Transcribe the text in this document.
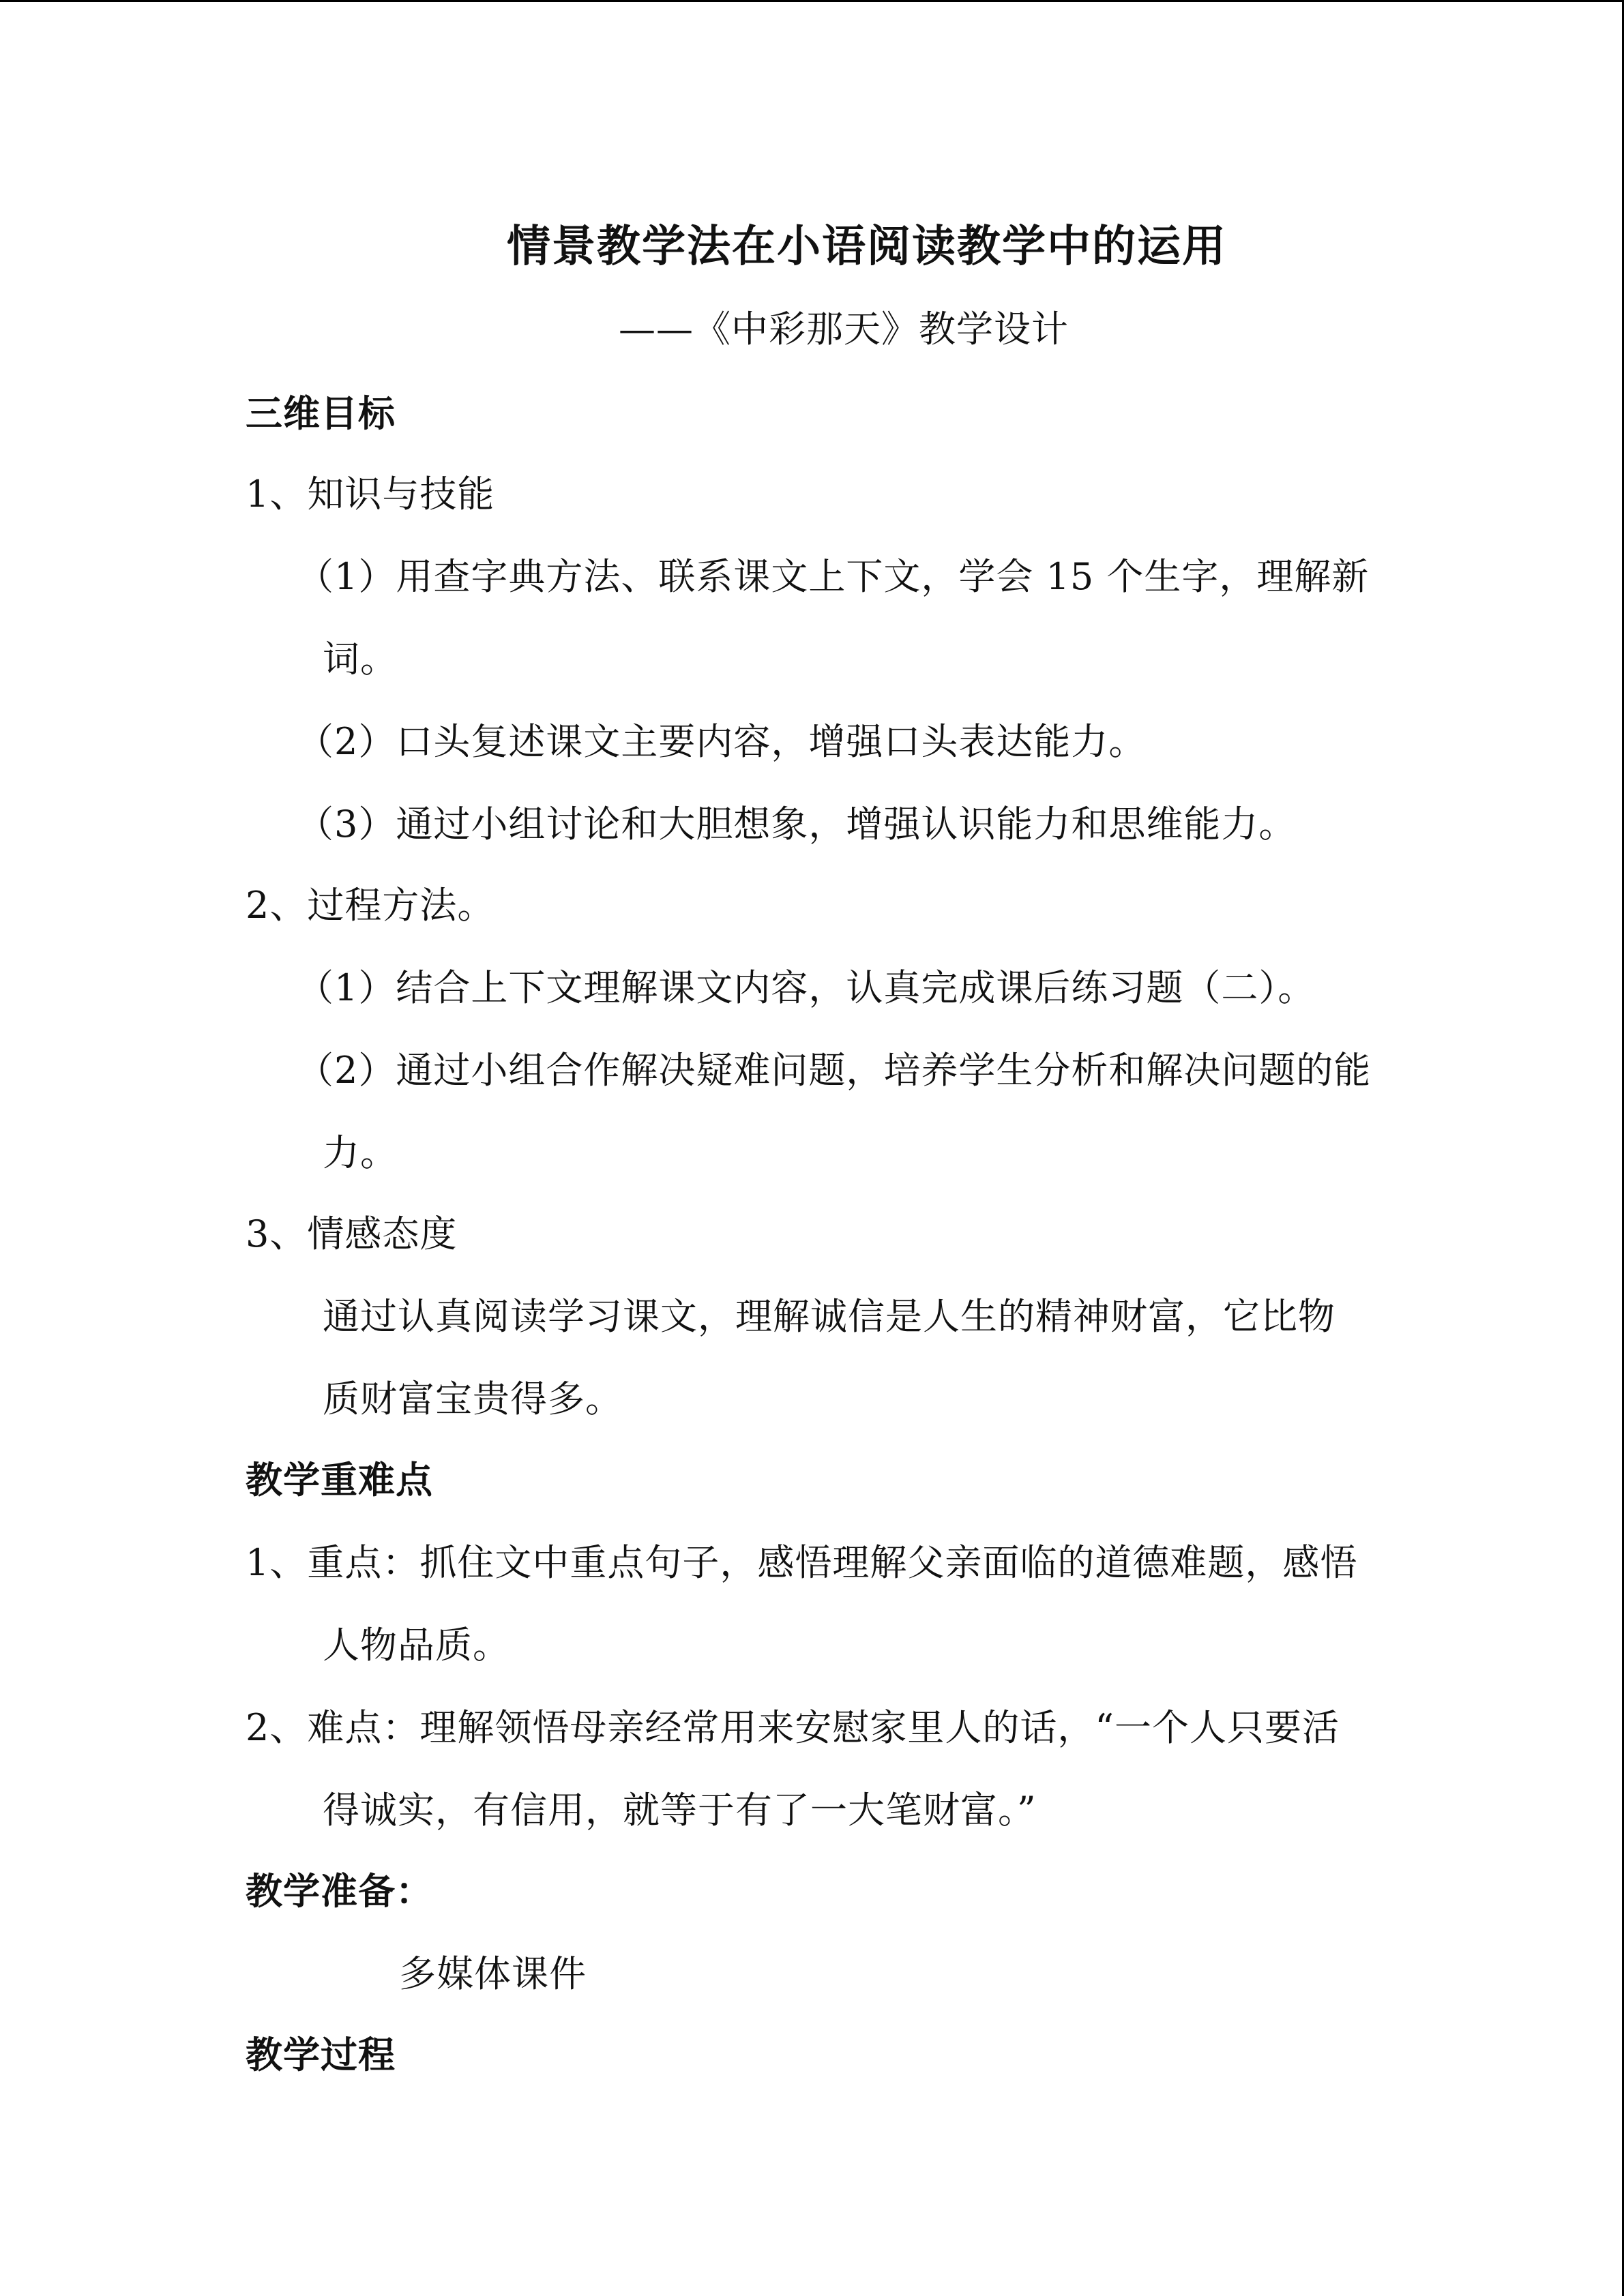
情景教学法在小语阅读教学中的运用
——《中彩那天》教学设计
三维目标
1、知识与技能
（1）用查字典方法、联系课文上下文，学会 15 个生字，理解新
词。
（2）口头复述课文主要内容，增强口头表达能力。
（3）通过小组讨论和大胆想象，增强认识能力和思维能力。
2、过程方法。
（1）结合上下文理解课文内容，认真完成课后练习题（二）。
（2）通过小组合作解决疑难问题，培养学生分析和解决问题的能
力。
3、情感态度
通过认真阅读学习课文，理解诚信是人生的精神财富，它比物
质财富宝贵得多。
教学重难点
1、重点：抓住文中重点句子，感悟理解父亲面临的道德难题，感悟
人物品质。
2、难点：理解领悟母亲经常用来安慰家里人的话，“一个人只要活
得诚实，有信用，就等于有了一大笔财富。”
教学准备：
多媒体课件
教学过程
